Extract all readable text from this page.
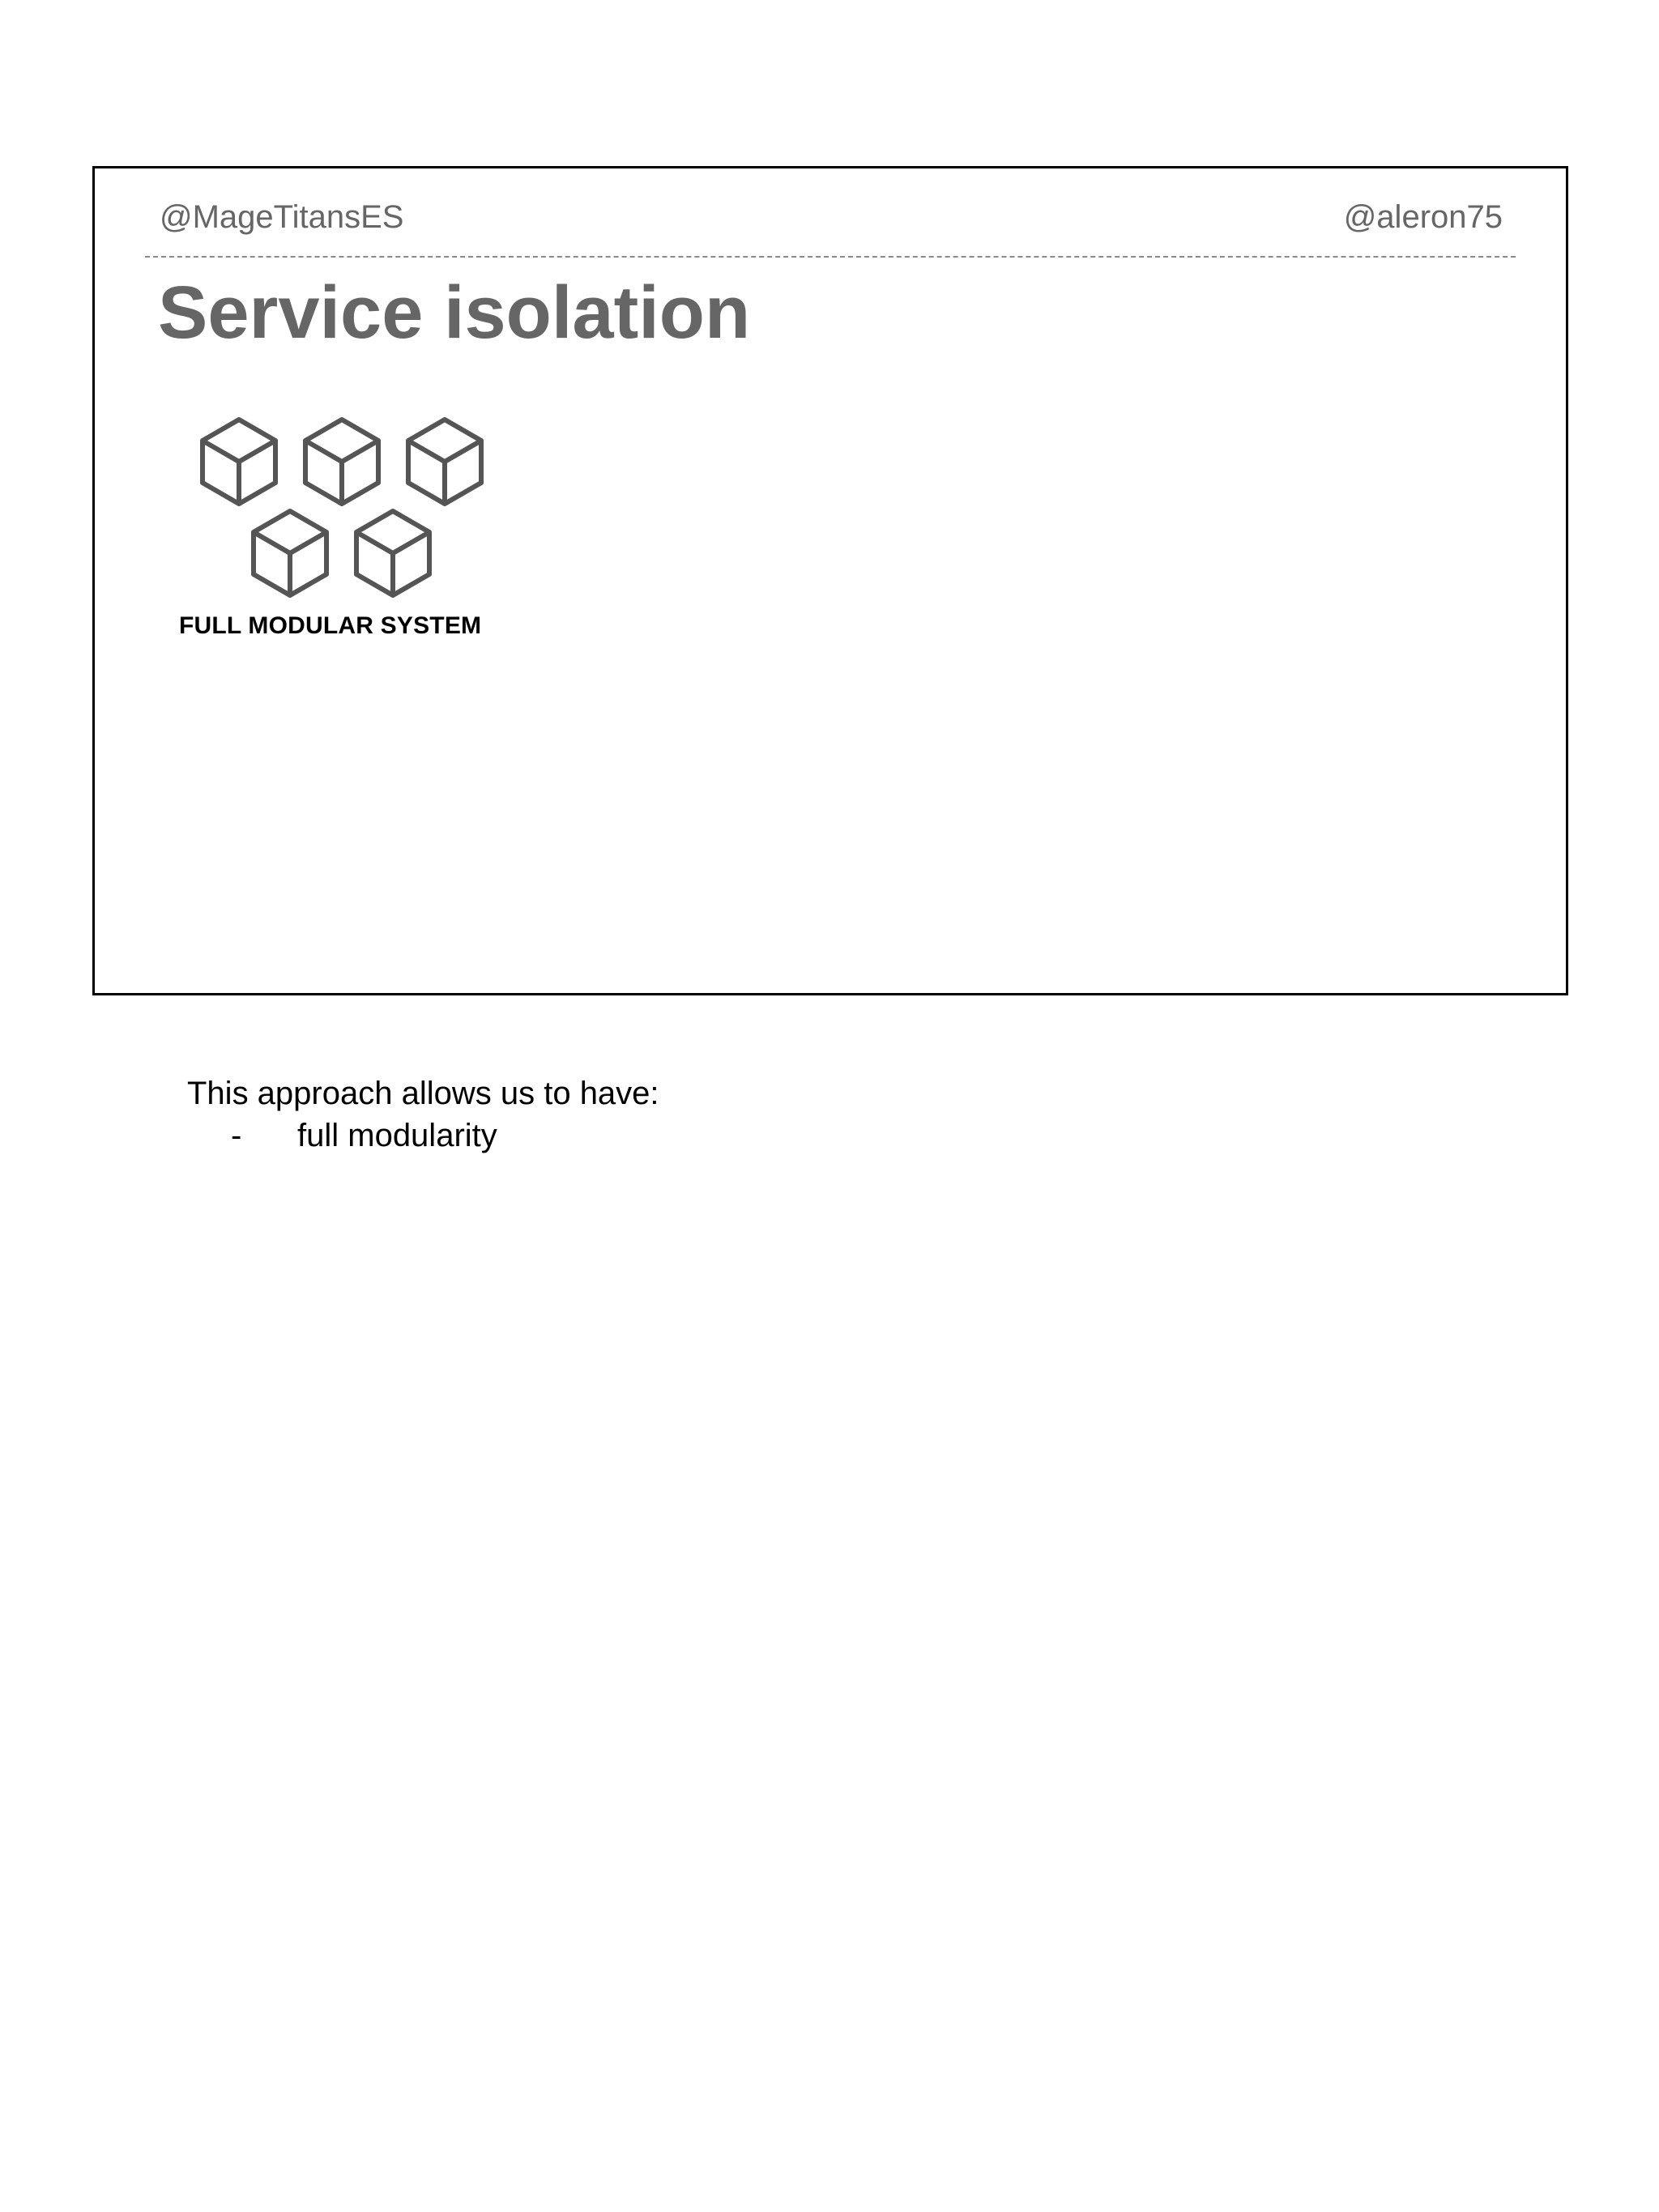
@MageTitansES	@aleron75
Service isolation
FULL MODULAR SYSTEM
This approach allows us to have:
- full modularity
